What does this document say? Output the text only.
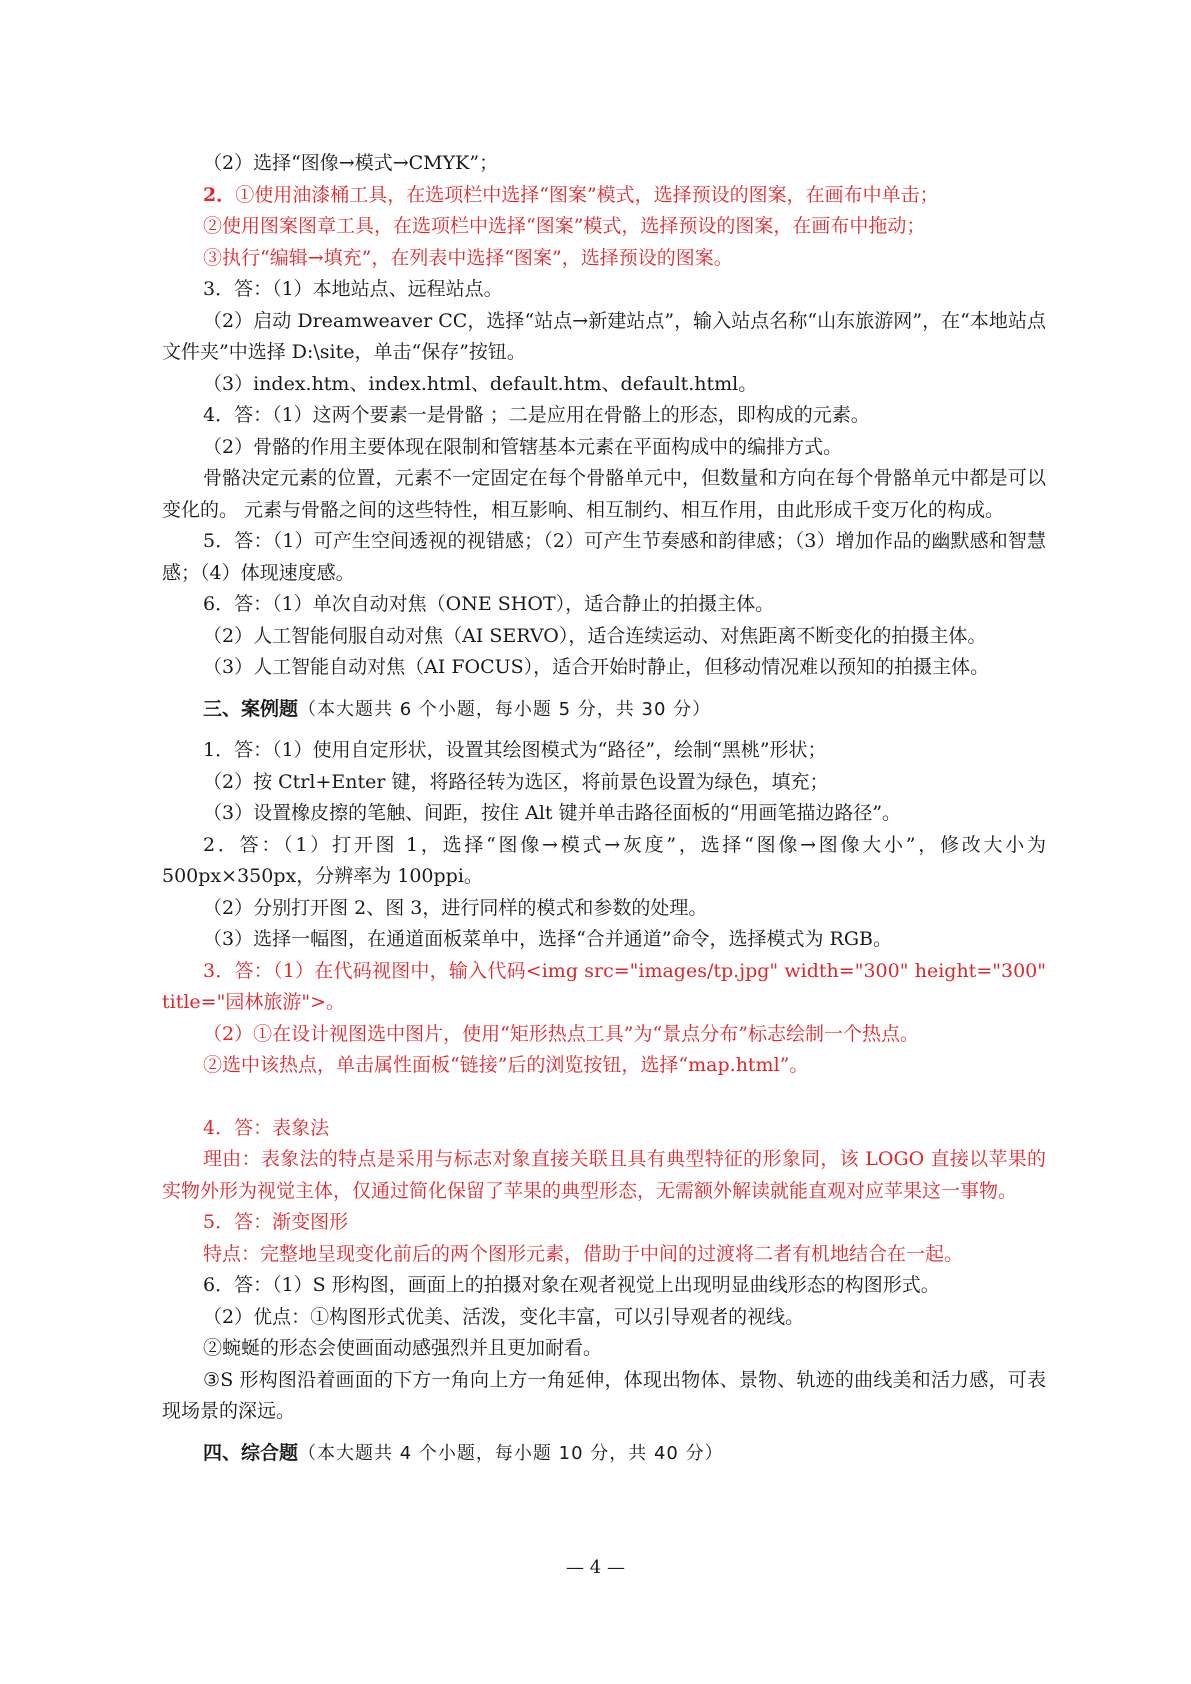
（2）选择“图像→模式→CMYK”；

2．①使用油漆桶工具，在选项栏中选择“图案”模式，选择预设的图案，在画布中单击；

②使用图案图章工具，在选项栏中选择“图案”模式，选择预设的图案，在画布中拖动；

③执行“编辑→填充”，在列表中选择“图案”，选择预设的图案。

3．答：（1）本地站点、远程站点。

（2）启动 Dreamweaver CC，选择“站点→新建站点”，输入站点名称“山东旅游网”，在“本地站点文件夹”中选择 D:\site，单击“保存”按钮。

（3）index.htm、index.html、default.htm、default.html。

4．答：（1）这两个要素一是骨骼 ；二是应用在骨骼上的形态，即构成的元素。

（2）骨骼的作用主要体现在限制和管辖基本元素在平面构成中的编排方式。

骨骼决定元素的位置，元素不一定固定在每个骨骼单元中，但数量和方向在每个骨骼单元中都是可以变化的。 元素与骨骼之间的这些特性，相互影响、相互制约、相互作用，由此形成千变万化的构成。

5．答：（1）可产生空间透视的视错感；（2）可产生节奏感和韵律感；（3）增加作品的幽默感和智慧感；（4）体现速度感。

6．答：（1）单次自动对焦（ONE SHOT），适合静止的拍摄主体。

（2）人工智能伺服自动对焦（AI SERVO），适合连续运动、对焦距离不断变化的拍摄主体。

（3）人工智能自动对焦（AI FOCUS），适合开始时静止，但移动情况难以预知的拍摄主体。

三、案例题（本大题共 6 个小题，每小题 5 分，共 30 分）

1．答：（1）使用自定形状，设置其绘图模式为“路径”，绘制“黑桃”形状；

（2）按 Ctrl+Enter 键，将路径转为选区，将前景色设置为绿色，填充；

（3）设置橡皮擦的笔触、间距，按住 Alt 键并单击路径面板的“用画笔描边路径”。

2．答：（1）打开图 1，选择“图像→模式→灰度”，选择“图像→图像大小”，修改大小为 500px×350px，分辨率为 100ppi。

（2）分别打开图 2、图 3，进行同样的模式和参数的处理。

（3）选择一幅图，在通道面板菜单中，选择“合并通道”命令，选择模式为 RGB。

3．答：（1）在代码视图中，输入代码<img src="images/tp.jpg" width="300" height="300" title="园林旅游">。

（2）①在设计视图选中图片，使用“矩形热点工具”为“景点分布”标志绘制一个热点。

②选中该热点，单击属性面板“链接”后的浏览按钮，选择“map.html”。

4．答：表象法

理由：表象法的特点是采用与标志对象直接关联且具有典型特征的形象同，该 LOGO 直接以苹果的实物外形为视觉主体，仅通过简化保留了苹果的典型形态，无需额外解读就能直观对应苹果这一事物。

5．答：渐变图形

特点：完整地呈现变化前后的两个图形元素，借助于中间的过渡将二者有机地结合在一起。

6．答：（1）S 形构图，画面上的拍摄对象在观者视觉上出现明显曲线形态的构图形式。

（2）优点：①构图形式优美、活泼，变化丰富，可以引导观者的视线。

②蜿蜒的形态会使画面动感强烈并且更加耐看。

③S 形构图沿着画面的下方一角向上方一角延伸，体现出物体、景物、轨迹的曲线美和活力感，可表现场景的深远。

四、综合题（本大题共 4 个小题，每小题 10 分，共 40 分）

— 4 —
